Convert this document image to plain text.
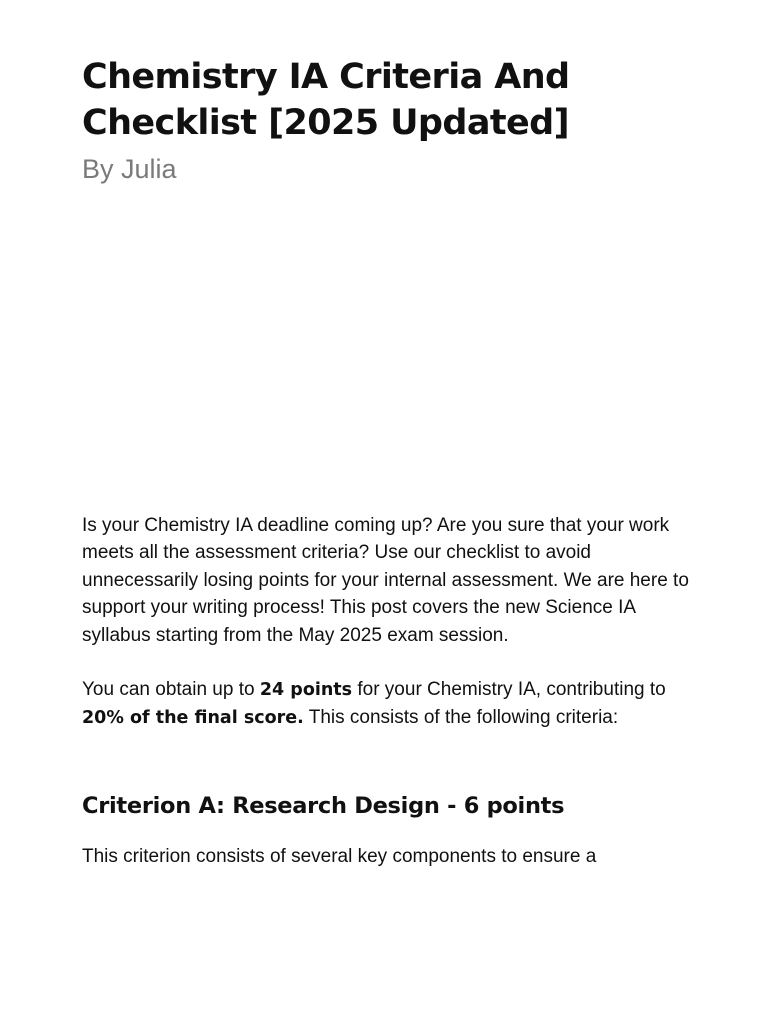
Chemistry IA Criteria And Checklist [2025 Updated]

By Julia

Is your Chemistry IA deadline coming up? Are you sure that your work meets all the assessment criteria? Use our checklist to avoid unnecessarily losing points for your internal assessment. We are here to support your writing process! This post covers the new Science IA syllabus starting from the May 2025 exam session.

You can obtain up to 24 points for your Chemistry IA, contributing to 20% of the final score. This consists of the following criteria:

Criterion A: Research Design - 6 points

This criterion consists of several key components to ensure a
